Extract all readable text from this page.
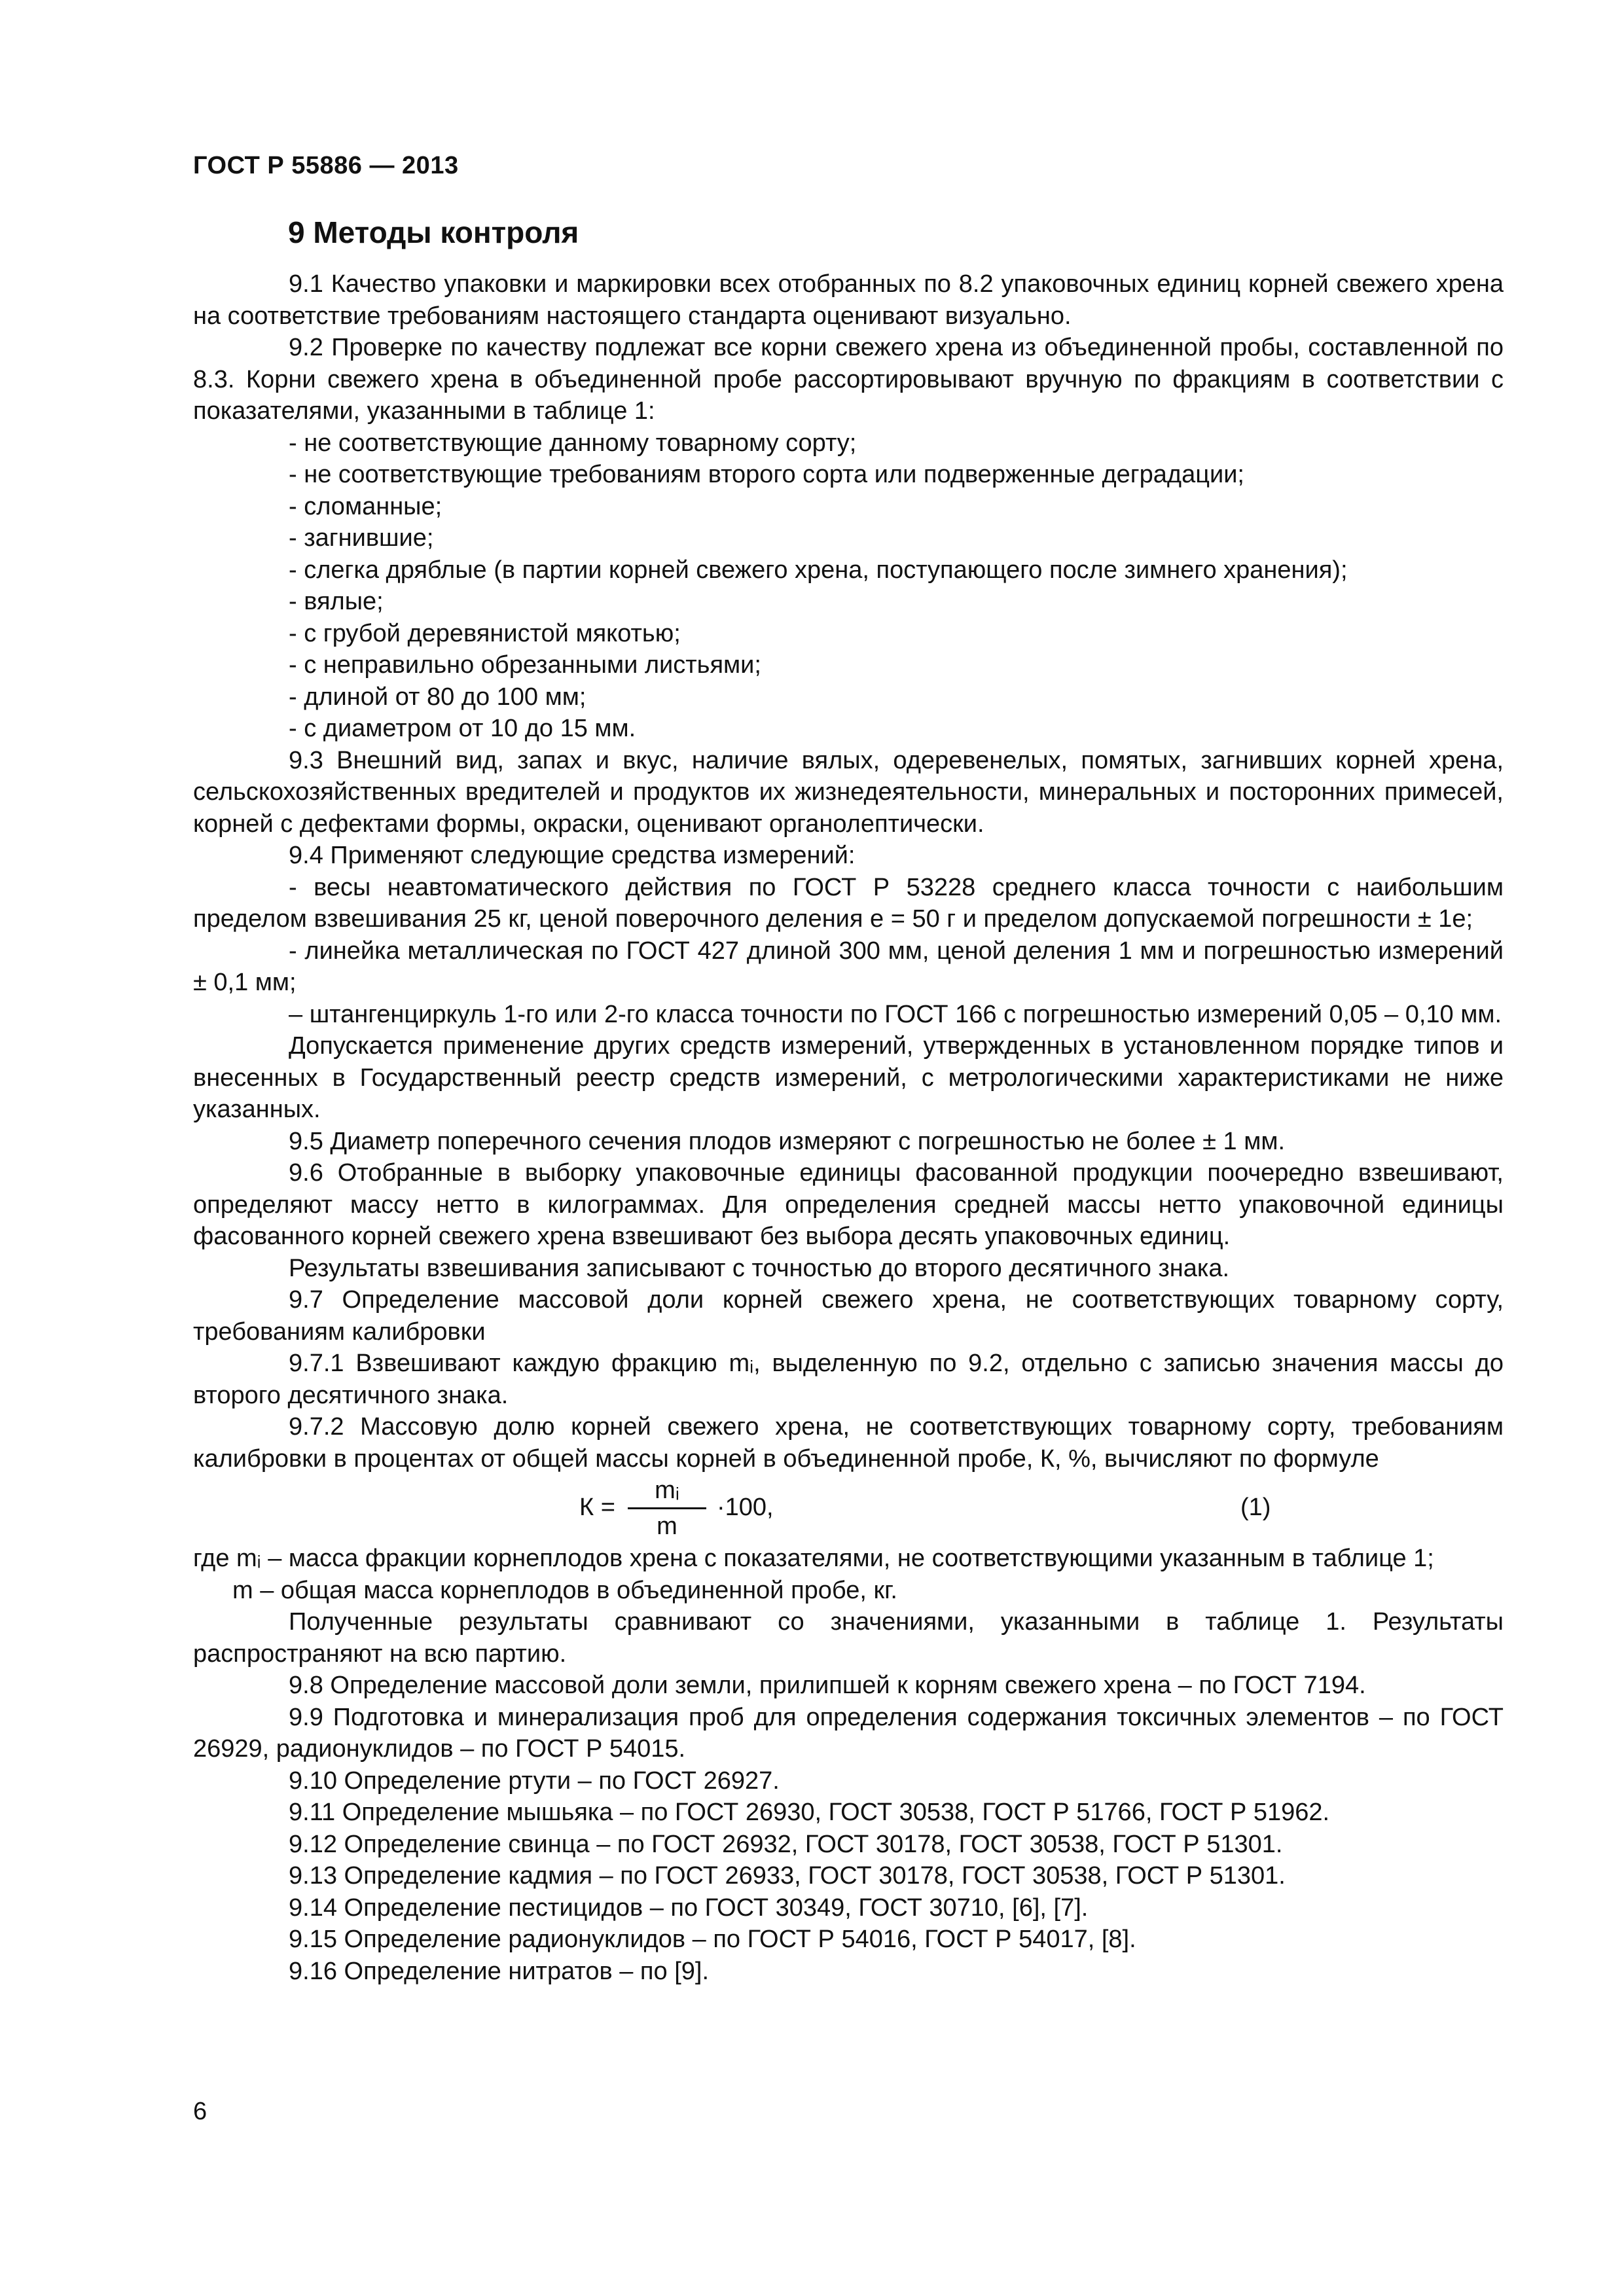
ГОСТ Р 55886 — 2013
9 Методы контроля

9.1 Качество упаковки и маркировки всех отобранных по 8.2 упаковочных единиц корней свежего хрена на соответствие требованиям настоящего стандарта оценивают визуально.

9.2 Проверке по качеству подлежат все корни свежего хрена из объединенной пробы, составленной по 8.3. Корни свежего хрена в объединенной пробе рассортировывают вручную по фракциям в соответствии с показателями, указанными в таблице 1:

- не соответствующие данному товарному сорту;

- не соответствующие требованиям второго сорта или подверженные деградации;

- сломанные;

- загнившие;

- слегка дряблые (в партии корней свежего хрена, поступающего после зимнего хранения);

- вялые;

- с грубой деревянистой мякотью;

- с неправильно обрезанными листьями;

- длиной от 80 до 100 мм;

- с диаметром от 10 до 15 мм.

9.3 Внешний вид, запах и вкус, наличие вялых, одеревенелых, помятых, загнивших корней хрена, сельскохозяйственных вредителей и продуктов их жизнедеятельности, минеральных и посторонних примесей, корней с дефектами формы, окраски, оценивают органолептически.

9.4 Применяют следующие средства измерений:

- весы неавтоматического действия по ГОСТ Р 53228 среднего класса точности с наибольшим пределом взвешивания 25 кг, ценой поверочного деления е = 50 г и пределом допускаемой погрешности ± 1е;

- линейка металлическая по ГОСТ 427 длиной 300 мм, ценой деления 1 мм и погрешностью измерений ± 0,1 мм;

– штангенциркуль 1-го или 2-го класса точности по ГОСТ 166 с погрешностью измерений 0,05 – 0,10 мм.

Допускается применение других средств измерений, утвержденных в установленном порядке типов и внесенных в Государственный реестр средств измерений, с метрологическими характеристиками не ниже указанных.

9.5 Диаметр поперечного сечения плодов измеряют с погрешностью не более ± 1 мм.

9.6 Отобранные в выборку упаковочные единицы фасованной продукции поочередно взвешивают, определяют массу нетто в килограммах. Для определения средней массы нетто упаковочной единицы фасованного корней свежего хрена взвешивают без выбора десять упаковочных единиц.

Результаты взвешивания записывают с точностью до второго десятичного знака.

9.7 Определение массовой доли корней свежего хрена, не соответствующих товарному сорту, требованиям калибровки

9.7.1 Взвешивают каждую фракцию mᵢ, выделенную по 9.2, отдельно с записью значения массы до второго десятичного знака.

9.7.2 Массовую долю корней свежего хрена, не соответствующих товарному сорту, требованиям калибровки в процентах от общей массы корней в объединенной пробе, К, %, вычисляют по формуле

К =
mᵢ
m
·100,	(1)

где mᵢ – масса фракции корнеплодов хрена с показателями, не соответствующими указанным в таблице 1;

m – общая масса корнеплодов в объединенной пробе, кг.

Полученные результаты сравнивают со значениями, указанными в таблице 1. Результаты распространяют на всю партию.

9.8 Определение массовой доли земли, прилипшей к корням свежего хрена – по ГОСТ 7194.

9.9 Подготовка и минерализация проб для определения содержания токсичных элементов – по ГОСТ 26929, радионуклидов – по ГОСТ Р 54015.

9.10 Определение ртути – по ГОСТ 26927.

9.11 Определение мышьяка – по ГОСТ 26930, ГОСТ 30538, ГОСТ Р 51766, ГОСТ Р 51962.

9.12 Определение свинца – по ГОСТ 26932, ГОСТ 30178, ГОСТ 30538, ГОСТ Р 51301.

9.13 Определение кадмия – по ГОСТ 26933, ГОСТ 30178, ГОСТ 30538, ГОСТ Р 51301.

9.14 Определение пестицидов – по ГОСТ 30349, ГОСТ 30710, [6], [7].

9.15 Определение радионуклидов – по ГОСТ Р 54016, ГОСТ Р 54017, [8].

9.16 Определение нитратов – по [9].

6
